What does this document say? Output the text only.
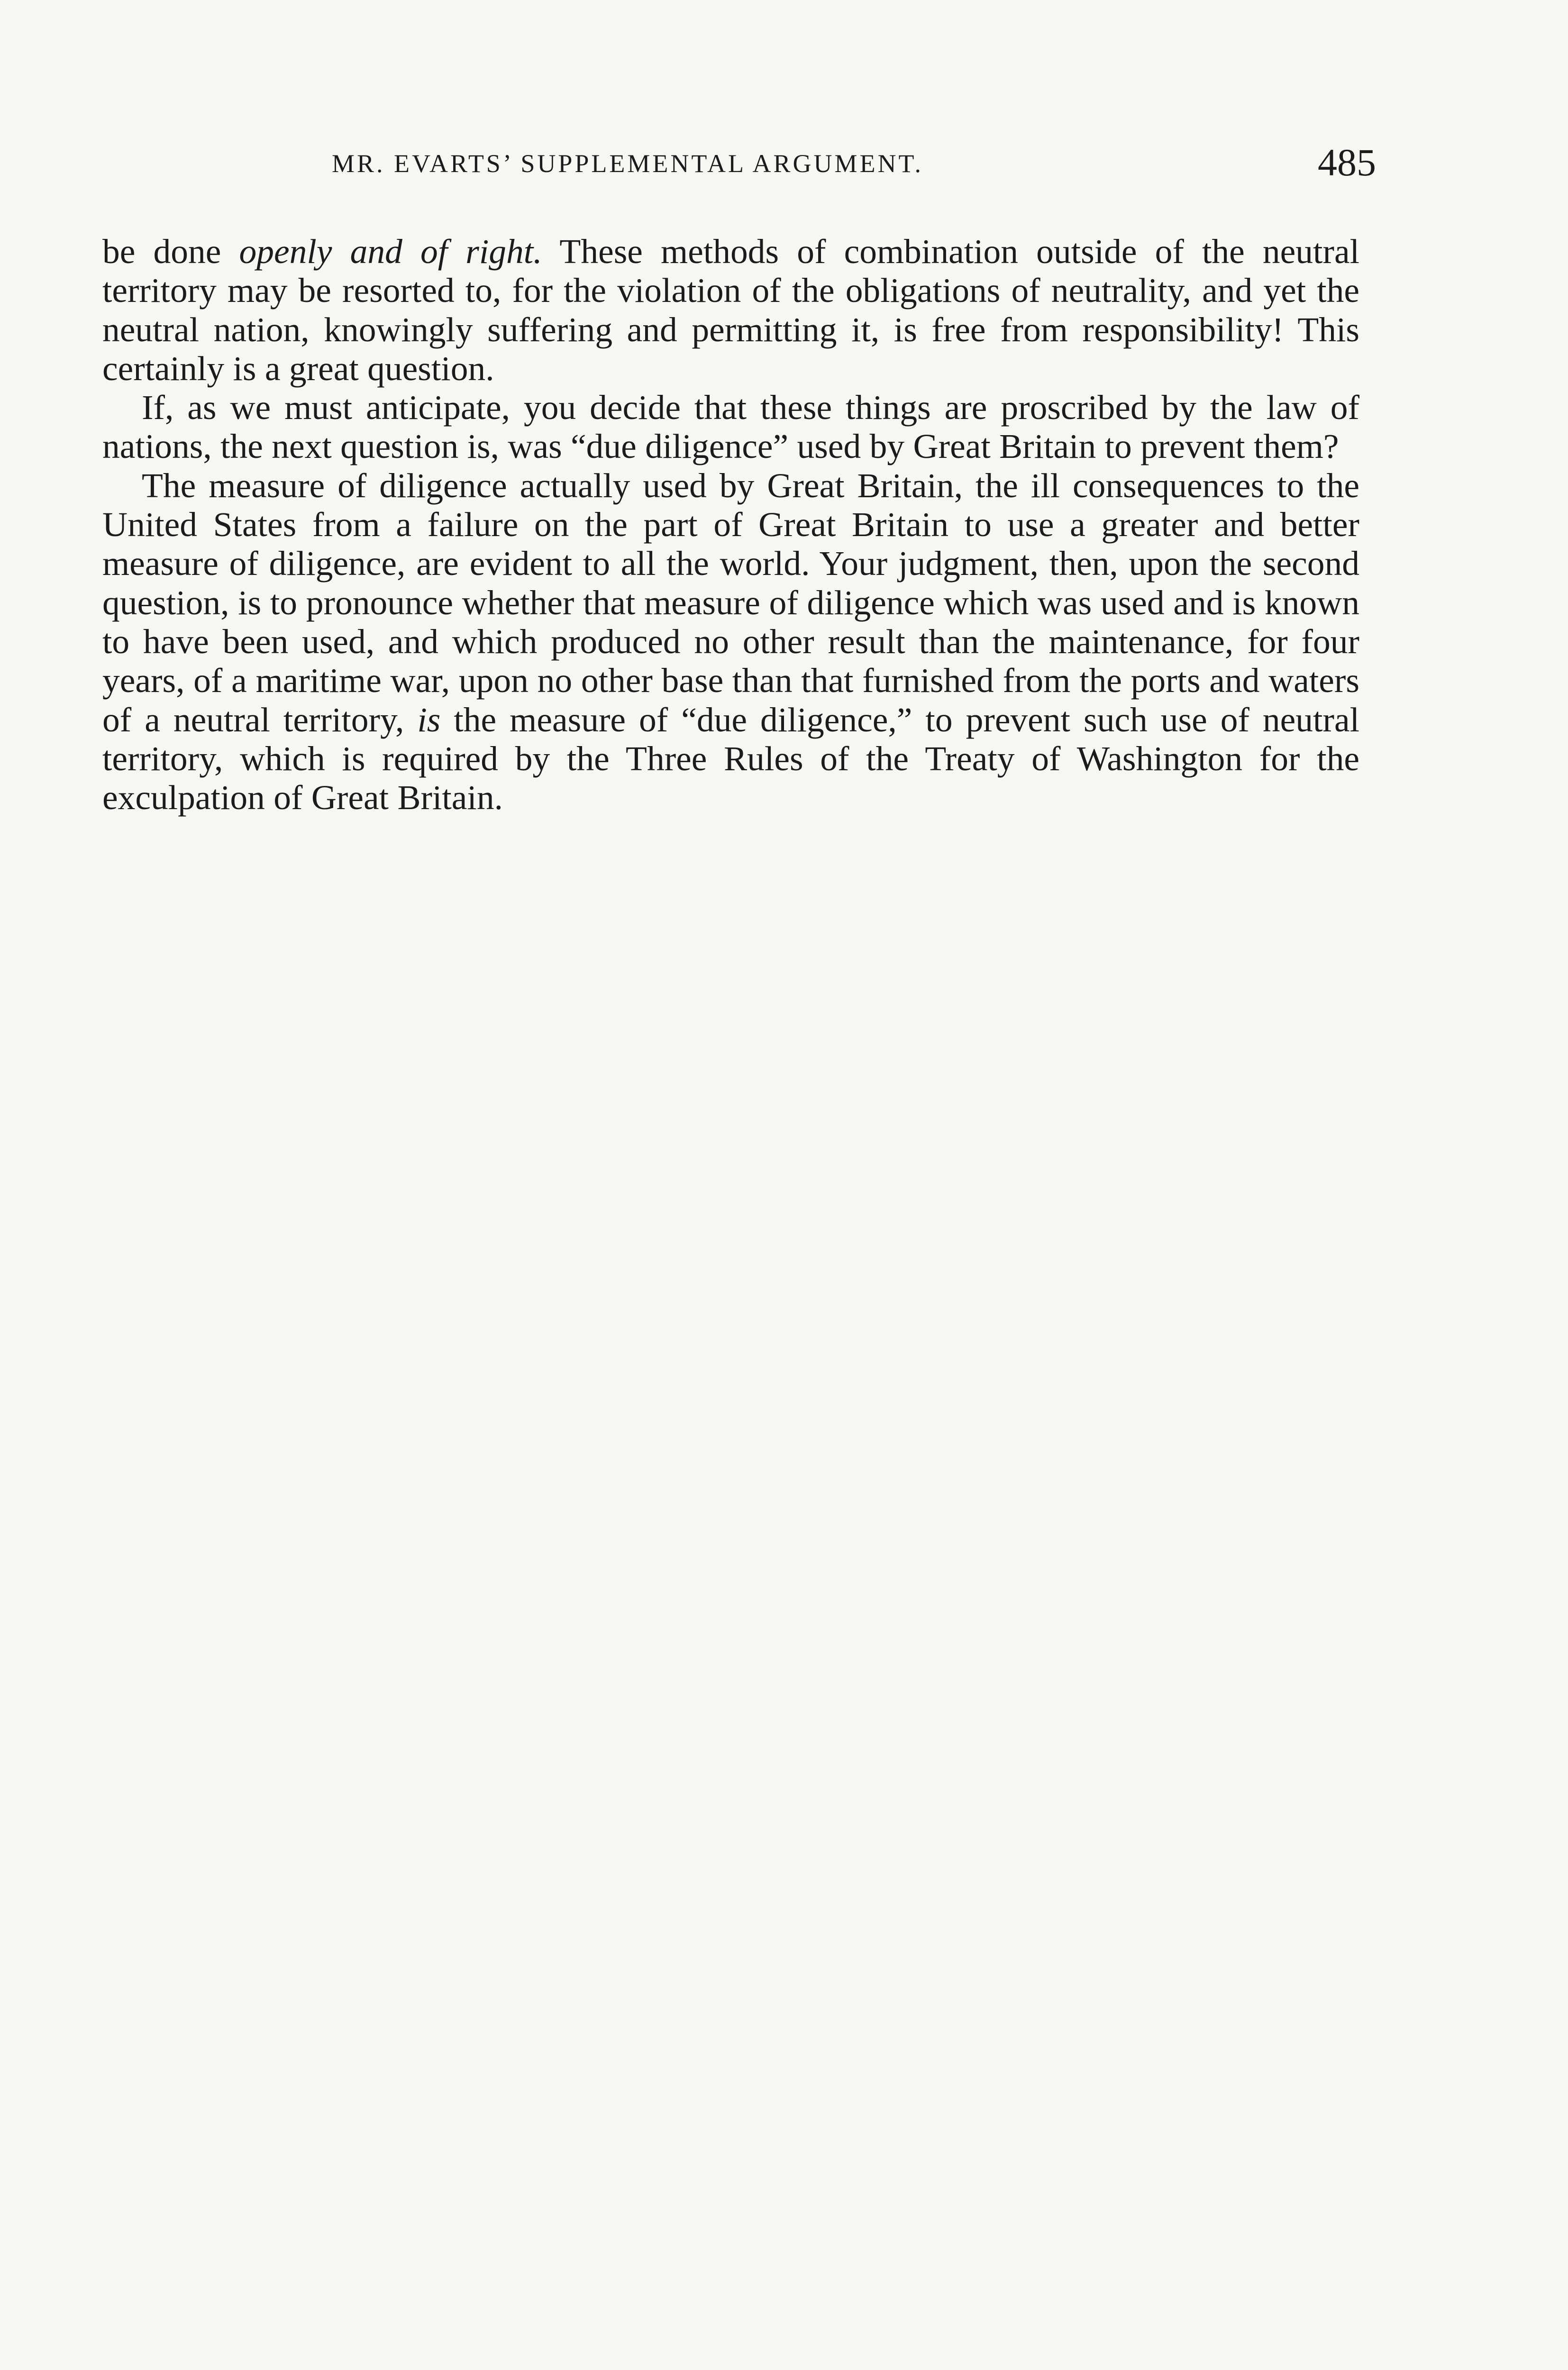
MR. EVARTS’ SUPPLEMENTAL ARGUMENT.	485

be done openly and of right. These methods of combination outside of the neutral territory may be resorted to, for the violation of the obligations of neutrality, and yet the neutral nation, knowingly suffering and permitting it, is free from responsibility! This certainly is a great question.

If, as we must anticipate, you decide that these things are proscribed by the law of nations, the next question is, was “due diligence” used by Great Britain to prevent them?

The measure of diligence actually used by Great Britain, the ill consequences to the United States from a failure on the part of Great Britain to use a greater and better measure of diligence, are evident to all the world. Your judgment, then, upon the second question, is to pronounce whether that measure of diligence which was used and is known to have been used, and which produced no other result than the maintenance, for four years, of a maritime war, upon no other base than that furnished from the ports and waters of a neutral territory, is the measure of “due diligence,” to prevent such use of neutral territory, which is required by the Three Rules of the Treaty of Washington for the exculpation of Great Britain.
